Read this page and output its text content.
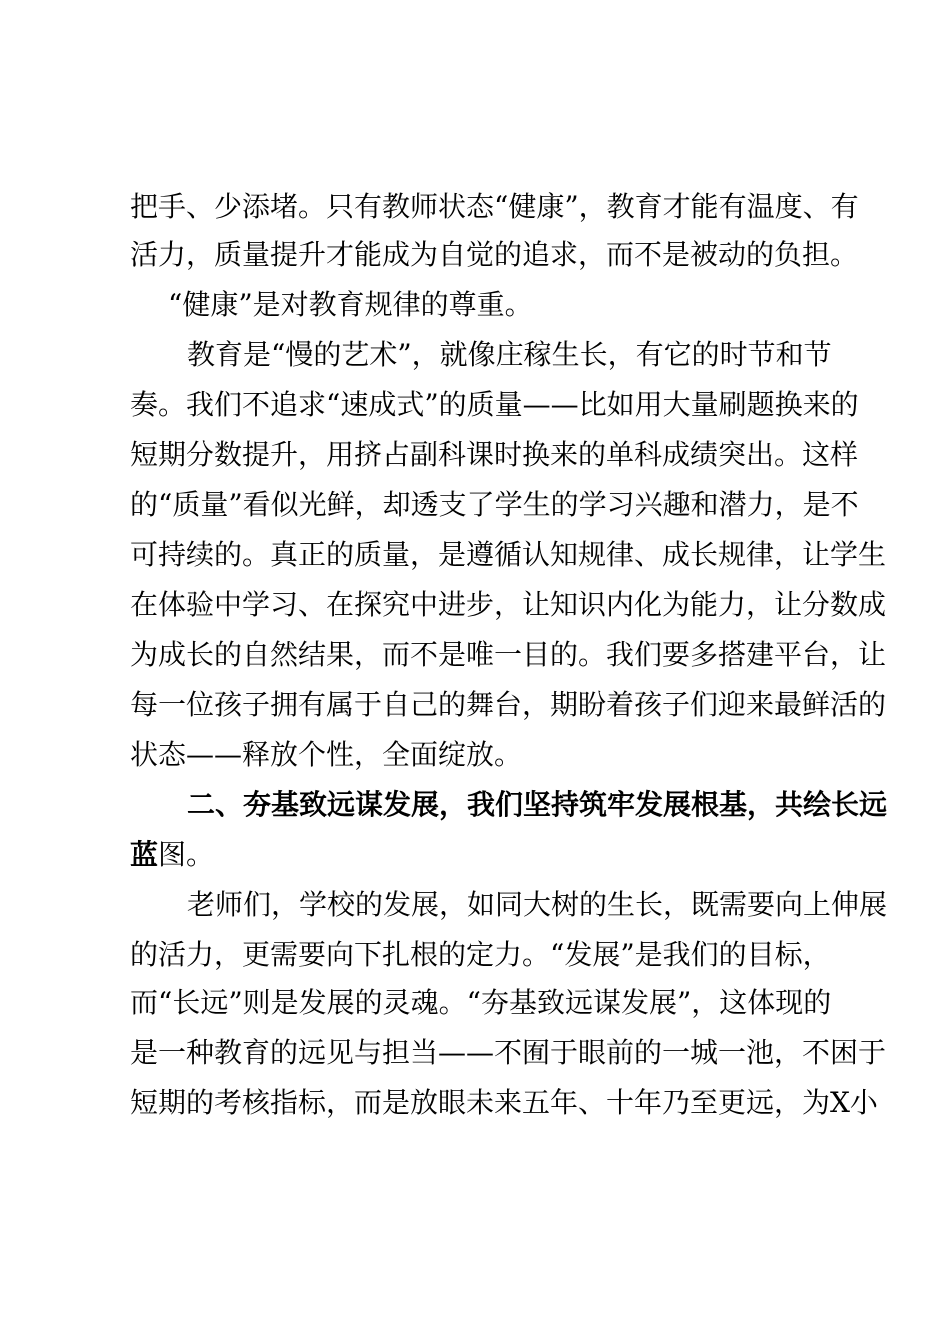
把手、少添堵。只有教师状态“健康”，教育才能有温度、有
活力，质量提升才能成为自觉的追求，而不是被动的负担。
“健康”是对教育规律的尊重。
教育是“慢的艺术”，就像庄稼生长，有它的时节和节
奏。我们不追求“速成式”的质量——比如用大量刷题换来的
短期分数提升，用挤占副科课时换来的单科成绩突出。这样
的“质量”看似光鲜，却透支了学生的学习兴趣和潜力，是不
可持续的。真正的质量，是遵循认知规律、成长规律，让学生
在体验中学习、在探究中进步，让知识内化为能力，让分数成
为成长的自然结果，而不是唯一目的。我们要多搭建平台，让
每一位孩子拥有属于自己的舞台，期盼着孩子们迎来最鲜活的
状态——释放个性，全面绽放。
二、夯基致远谋发展，我们坚持筑牢发展根基，共绘长远
蓝图。
老师们，学校的发展，如同大树的生长，既需要向上伸展
的活力，更需要向下扎根的定力。“发展”是我们的目标，
而“长远”则是发展的灵魂。“夯基致远谋发展”，这体现的
是一种教育的远见与担当——不囿于眼前的一城一池，不困于
短期的考核指标，而是放眼未来五年、十年乃至更远，为X小
